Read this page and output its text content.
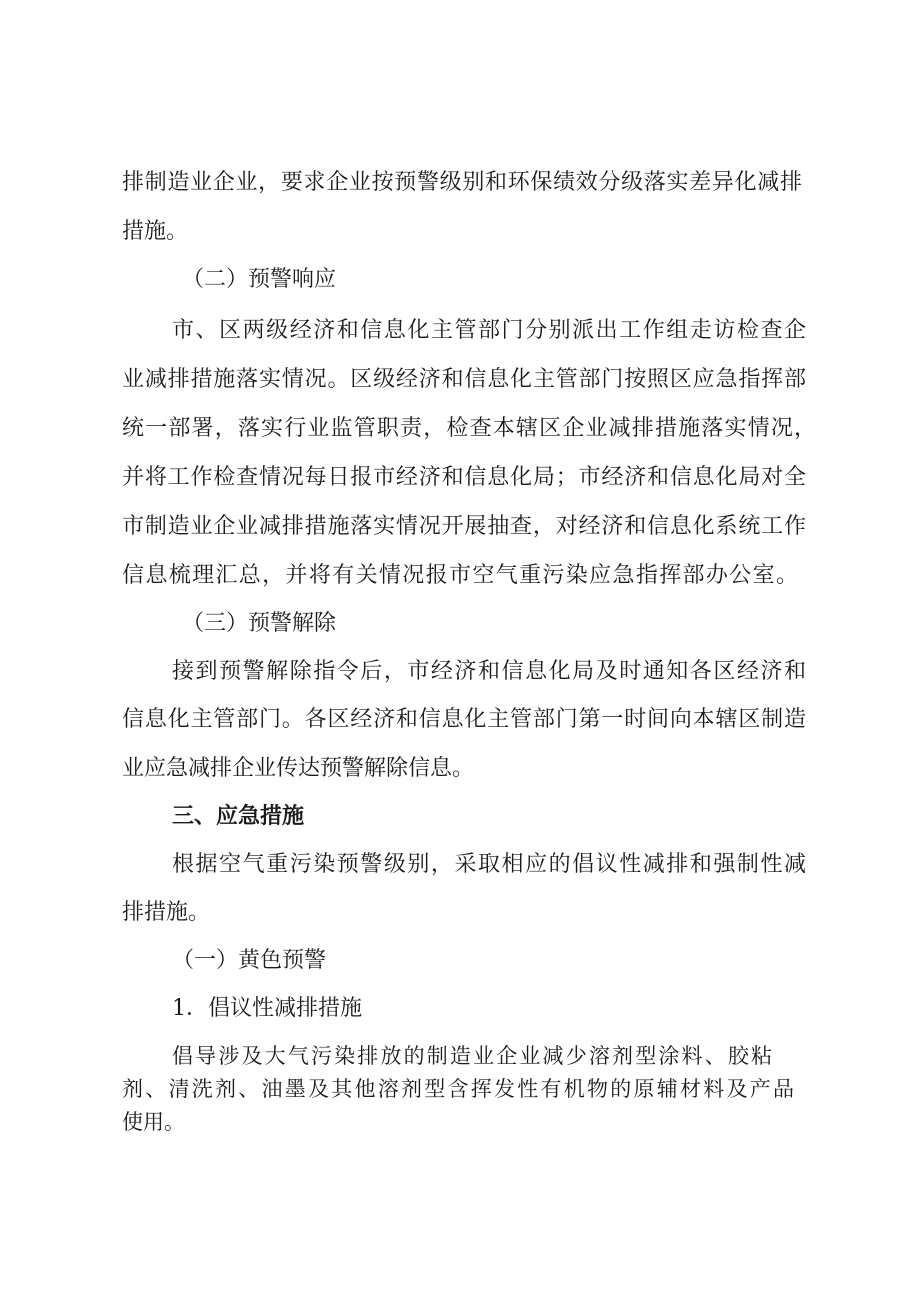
排制造业企业，要求企业按预警级别和环保绩效分级落实差异化减排
措施。
（二）预警响应
市、区两级经济和信息化主管部门分别派出工作组走访检查企
业减排措施落实情况。区级经济和信息化主管部门按照区应急指挥部
统一部署，落实行业监管职责，检查本辖区企业减排措施落实情况，
并将工作检查情况每日报市经济和信息化局；市经济和信息化局对全
市制造业企业减排措施落实情况开展抽查，对经济和信息化系统工作
信息梳理汇总，并将有关情况报市空气重污染应急指挥部办公室。
（三）预警解除
接到预警解除指令后，市经济和信息化局及时通知各区经济和
信息化主管部门。各区经济和信息化主管部门第一时间向本辖区制造
业应急减排企业传达预警解除信息。
三、应急措施
根据空气重污染预警级别，采取相应的倡议性减排和强制性减
排措施。
（一）黄色预警
1．倡议性减排措施
倡导涉及大气污染排放的制造业企业减少溶剂型涂料、胶粘
剂、清洗剂、油墨及其他溶剂型含挥发性有机物的原辅材料及产品
使用。
